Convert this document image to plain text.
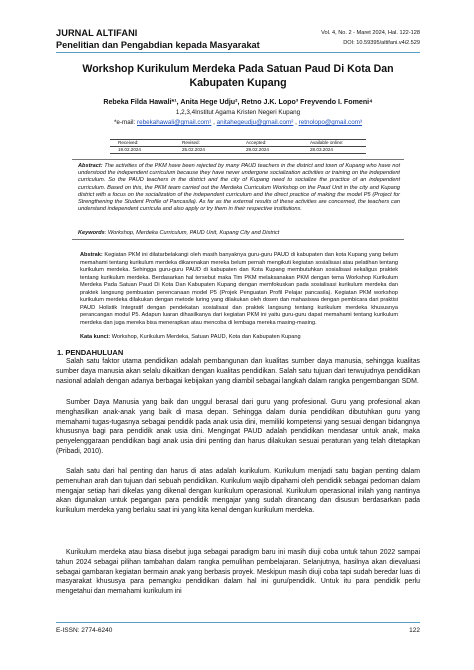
JURNAL ALTIFANI
Penelitian dan Pengabdian kepada Masyarakat
Vol. 4, No. 2 - Maret 2024, Hal. 122-128
DOI: 10.59395/altifani.v4i2.529
Workshop Kurikulum Merdeka Pada Satuan Paud Di Kota Dan Kabupaten Kupang
Rebeka Filda Hawali*¹, Anita Hege Udju², Retno J.K. Lopo³ Freyvendo I. Fomeni⁴
1,2,3,4Institut Agama Kristen Negeri Kupang
*e-mail: rebekahawali@gmail.com¹ , anitahegeudju@gmail.com² , retnolopo@gmail.com³
Received:	Revised:	Accepted:	Available online:
19.02.2024	25.02.2024	29.02.2024	28.03.2024
Abstract: The activities of the PKM have been rejected by many PAUD teachers in the district and town of Kupang who have not understood the independent curriculum because they have never undergone socialization activities or training on the independent curriculum. So the PAUD teachers in the district and the city of Kupang need to socialize the practice of an independent curriculum. Based on this, the PKM team carried out the Merdeka Curriculum Workshop on the Paud Unit in the city and Kupang district with a focus on the socialization of the independent curriculum and the direct practice of making the model P5 (Project for Strengthening the Student Profile of Pancasila). As far as the external results of these activities are concerned, the teachers can understand independent curricula and also apply or try them in their respective institutions.
Keywords: Workshop, Merdeka Curriculum, PAUD Unit, Kupang City and District
Abstrak: Kegiatan PKM ini dilatarbelakangi oleh masih banyaknya guru-guru PAUD di kabupaten dan kota Kupang yang belum memahami tentang kurikulum merdeka dikarenakan mereka belum pernah mengikuti kegiatan sosialisasi atau pelatihan tentang kurikulum merdeka. Sehingga guru-guru PAUD di kabupaten dan Kota Kupang membutuhkan sosialisasi sekaligus praktek tentang kurikulum merdeka. Berdasarkan hal tersebut maka Tim PKM melaksanakan PKM dengan tema Workshop Kurikulum Merdeka Pada Satuan Paud Di Kota Dan Kabupaten Kupang dengan memfokuskan pada sosialisasi kurikulum merdeka dan praktek langsung pembuatan perencanaan model P5 (Projek Penguatan Profil Pelajar pancasila). Kegiatan PKM workshop kurikulum merdeka dilakukan dengan metode luring yang dilakukan oleh dosen dan mahasiswa dengan pembicara dari praktisi PAUD Holistik Integratif dengan pendekatan sosialisasi dan praktek langsung tentang kurikulum merdeka khususnya perancangan modul P5. Adapun luaran dihasilkanya dari kegiatan PKM ini yaitu guru-guru dapat memahami tentang kurikulum merdeka dan juga mereka bisa menerapkan atau mencoba di lembaga mereka masing-masing.
Kata kunci: Workshop, Kurikulum Merdeka, Satuan PAUD, Kota dan Kabupaten Kupang
1. PENDAHULUAN
Salah satu faktor utama pendidikan adalah pembangunan dan kualitas sumber daya manusia, sehingga kualitas sumber daya manusia akan selalu dikaitkan dengan kualitas pendidikan. Salah satu tujuan dari terwujudnya pendidikan nasional adalah dengan adanya berbagai kebijakan yang diambil sebagai langkah dalam rangka pengembangan SDM.
Sumber Daya Manusia yang baik dan unggul berasal dari guru yang profesional. Guru yang profesional akan menghasilkan anak-anak yang baik di masa depan. Sehingga dalam dunia pendidikan dibutuhkan guru yang memahami tugas-tugasnya sebagai pendidik pada anak usia dini, memiliki kompetensi yang sesuai dengan bidangnya khususnya bagi para pendidik anak usia dini. Mengingat PAUD adalah pendidikan mendasar untuk anak, maka penyelenggaraan pendidikan bagi anak usia dini penting dan harus dilakukan sesuai peraturan yang telah ditetapkan (Pribadi, 2010).
Salah satu dari hal penting dan harus di atas adalah kurikulum. Kurikulum menjadi satu bagian penting dalam pemenuhan arah dan tujuan dari sebuah pendidikan. Kurikulum wajib dipahami oleh pendidik sebagai pedoman dalam mengajar setiap hari dikelas yang dikenal dengan kurikulum operasional. Kurikulum operasional inilah yang nantinya akan digunakan untuk pegangan para pendidik mengajar yang sudah dirancang dan disusun berdasarkan pada kurikulum merdeka yang berlaku saat ini yang kita kenal dengan kurikulum merdeka.
Kurikulum merdeka atau biasa disebut juga sebagai paradigm baru ini masih diuji coba untuk tahun 2022 sampai tahun 2024 sebagai pilihan tambahan dalam rangka pemulihan pembelajaran. Selanjutnya, hasilnya akan dievaluasi sebagai gambaran kegiatan bermain anak yang berbasis proyek. Meskipun masih diuji coba tapi sudah beredar luas di masyarakat khususya para pemangku pendidikan dalam hal ini guru/pendidik. Untuk itu para pendidik perlu mengetahui dan memahami kurikulum ini
E-ISSN: 2774-6240	122
